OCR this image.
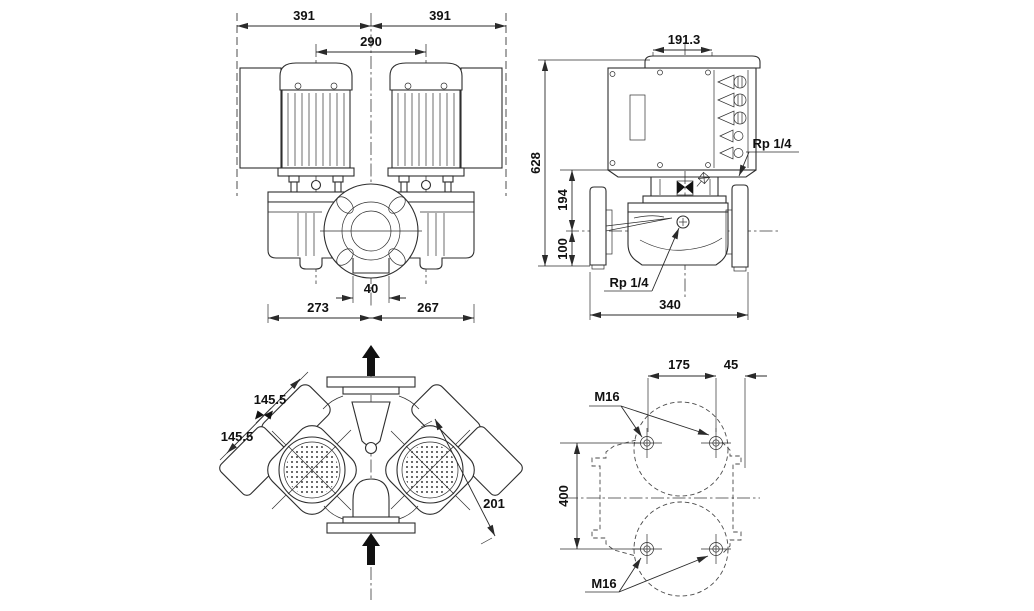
391	391
290
40
273	267
191.3
628
194
100
Rp 1/4
Rp 1/4
340
145.5
145.5
201
175	45
400
M16
M16
